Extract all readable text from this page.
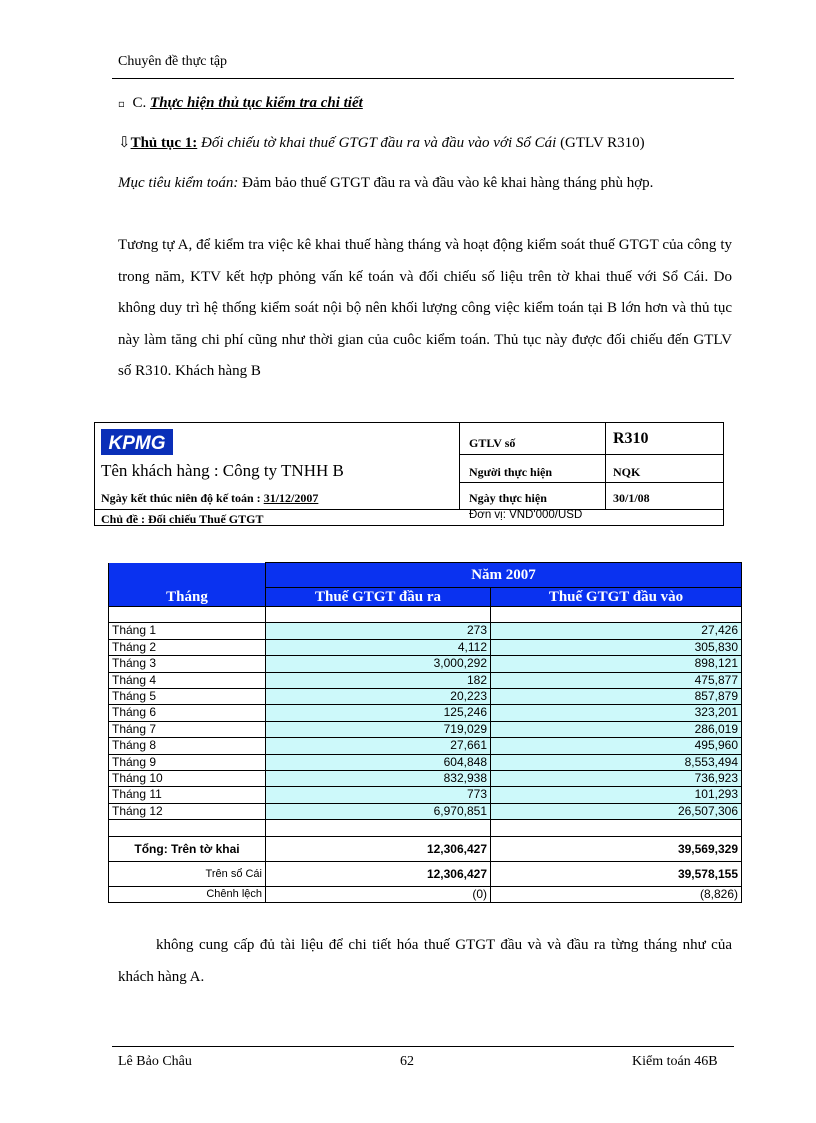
Chuyên đề thực tập
▫ C. Thực hiện thủ tục kiểm tra chi tiết
⇩Thủ tục 1: Đối chiếu tờ khai thuế GTGT đầu ra và đầu vào với Sổ Cái (GTLV R310)
Mục tiêu kiểm toán: Đảm bảo thuế GTGT đầu ra và đầu vào kê khai hàng tháng phù hợp.
Tương tự A, để kiểm tra việc kê khai thuế hàng tháng và hoạt động kiểm soát thuế GTGT của công ty trong năm, KTV kết hợp phỏng vấn kế toán và đối chiếu số liệu trên tờ khai thuế với Sổ Cái. Do không duy trì hệ thống kiểm soát nội bộ nên khối lượng công việc kiểm toán tại B lớn hơn và thủ tục này làm tăng chi phí cũng như thời gian của cuôc kiểm toán. Thủ tục này được đối chiếu đến GTLV số R310. Khách hàng B
KPMG
Tên khách hàng : Công ty TNHH B
Ngày kết thúc niên độ kế toán : 31/12/2007
Chủ đề : Đối chiếu Thuế GTGT
GTLV số	R310
Người thực hiện	NQK
Ngày thực hiện	30/1/08
Đơn vị: VND'000/USD
	Năm 2007	
Tháng	Thuế GTGT đầu ra	Thuế GTGT đầu vào

Tháng 1	273	27,426
Tháng 2	4,112	305,830
Tháng 3	3,000,292	898,121
Tháng 4	182	475,877
Tháng 5	20,223	857,879
Tháng 6	125,246	323,201
Tháng 7	719,029	286,019
Tháng 8	27,661	495,960
Tháng 9	604,848	8,553,494
Tháng 10	832,938	736,923
Tháng 11	773	101,293
Tháng 12	6,970,851	26,507,306

Tổng: Trên tờ khai	12,306,427	39,569,329
Trên sổ Cái	12,306,427	39,578,155
Chênh lệch	(0)	(8,826)
không cung cấp đủ tài liệu để chi tiết hóa thuế GTGT đầu và và đầu ra từng tháng như của khách hàng A.
Lê Bảo Châu	62	Kiểm toán 46B
